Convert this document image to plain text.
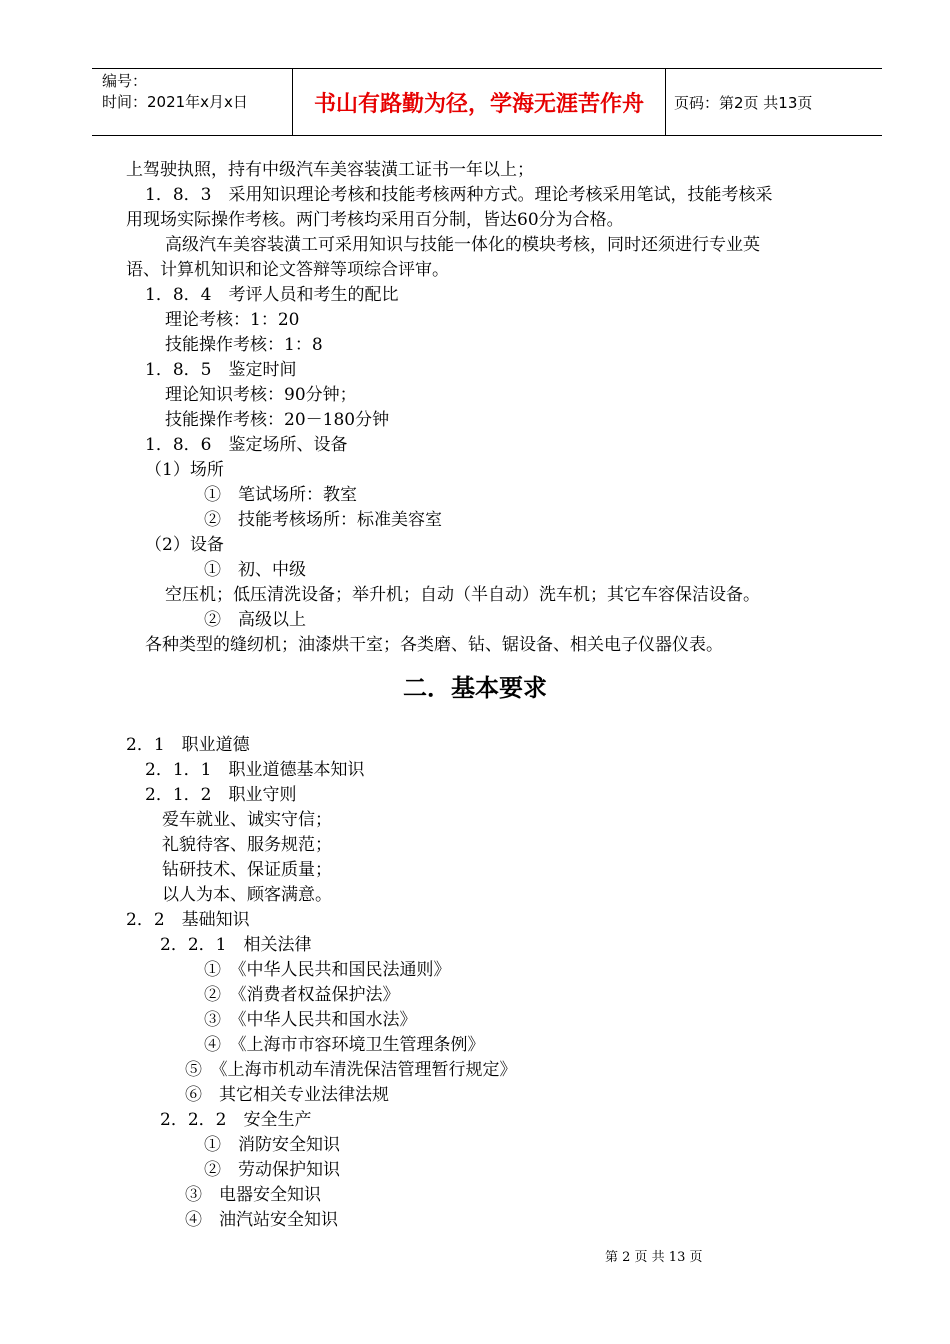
编号：
时间：2021年x月x日	书山有路勤为径，学海无涯苦作舟	页码：第2页 共13页
上驾驶执照，持有中级汽车美容装潢工证书一年以上；
1．8．3　采用知识理论考核和技能考核两种方式。理论考核采用笔试，技能考核采
用现场实际操作考核。两门考核均采用百分制，皆达60分为合格。
高级汽车美容装潢工可采用知识与技能一体化的模块考核，同时还须进行专业英
语、计算机知识和论文答辩等项综合评审。
1．8．4　考评人员和考生的配比
理论考核：1：20
技能操作考核：1：8
1．8．5　鉴定时间
理论知识考核：90分钟；
技能操作考核：20－180分钟
1．8．6　鉴定场所、设备
（1）场所
①　笔试场所：教室
②　技能考核场所：标准美容室
（2）设备
①　初、中级
空压机；低压清洗设备；举升机；自动（半自动）洗车机；其它车容保洁设备。
②　高级以上
各种类型的缝纫机；油漆烘干室；各类磨、钻、锯设备、相关电子仪器仪表。
二．基本要求
2．1　职业道德
2．1．1　职业道德基本知识
2．1．2　职业守则
爱车就业、诚实守信；
礼貌待客、服务规范；
钻研技术、保证质量；
以人为本、顾客满意。
2．2　基础知识
2．2．1　相关法律
①　《中华人民共和国民法通则》
②　《消费者权益保护法》
③　《中华人民共和国水法》
④　《上海市市容环境卫生管理条例》
⑤　《上海市机动车清洗保洁管理暂行规定》
⑥　其它相关专业法律法规
2．2．2　安全生产
①　消防安全知识
②　劳动保护知识
③　电器安全知识
④　油汽站安全知识
第 2 页 共 13 页
